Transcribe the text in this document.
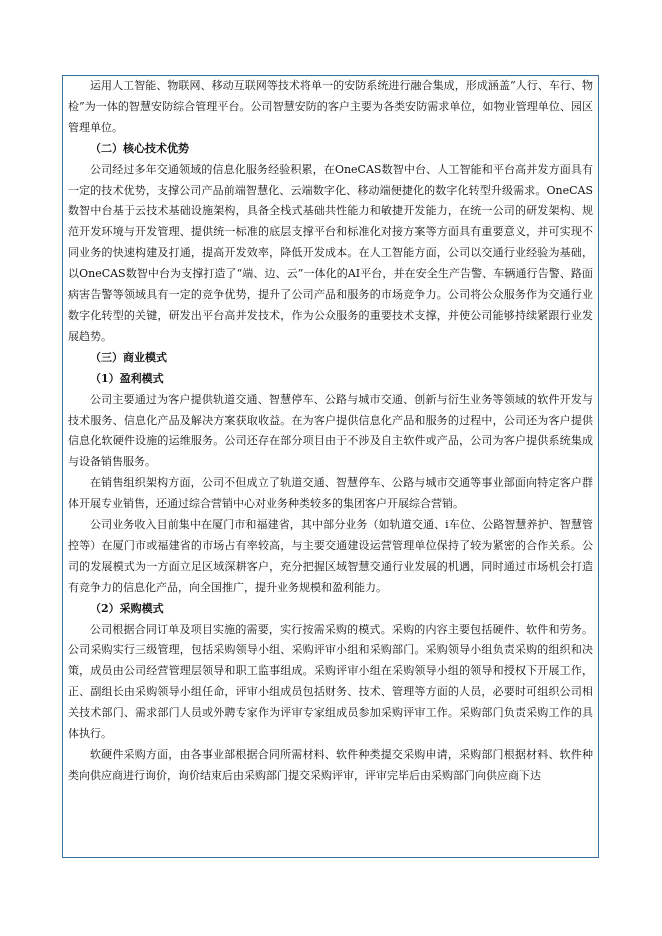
运用人工智能、物联网、移动互联网等技术将单一的安防系统进行融合集成，形成涵盖“人行、车行、物检”为一体的智慧安防综合管理平台。公司智慧安防的客户主要为各类安防需求单位，如物业管理单位、园区管理单位。

（二）核心技术优势

公司经过多年交通领域的信息化服务经验积累，在OneCAS数智中台、人工智能和平台高并发方面具有一定的技术优势，支撑公司产品前端智慧化、云端数字化、移动端便捷化的数字化转型升级需求。OneCAS数智中台基于云技术基础设施架构，具备全栈式基础共性能力和敏捷开发能力，在统一公司的研发架构、规范开发环境与开发管理、提供统一标准的底层支撑平台和标准化对接方案等方面具有重要意义，并可实现不同业务的快速构建及打通，提高开发效率，降低开发成本。在人工智能方面，公司以交通行业经验为基础，以OneCAS数智中台为支撑打造了“端、边、云”一体化的AI平台，并在安全生产告警、车辆通行告警、路面病害告警等领域具有一定的竞争优势，提升了公司产品和服务的市场竞争力。公司将公众服务作为交通行业数字化转型的关键，研发出平台高并发技术，作为公众服务的重要技术支撑，并使公司能够持续紧跟行业发展趋势。

（三）商业模式
（1）盈利模式

公司主要通过为客户提供轨道交通、智慧停车、公路与城市交通、创新与衍生业务等领域的软件开发与技术服务、信息化产品及解决方案获取收益。在为客户提供信息化产品和服务的过程中，公司还为客户提供信息化软硬件设施的运维服务。公司还存在部分项目由于不涉及自主软件或产品，公司为客户提供系统集成与设备销售服务。

在销售组织架构方面，公司不但成立了轨道交通、智慧停车、公路与城市交通等事业部面向特定客户群体开展专业销售，还通过综合营销中心对业务种类较多的集团客户开展综合营销。

公司业务收入目前集中在厦门市和福建省，其中部分业务（如轨道交通、i车位、公路智慧养护、智慧管控等）在厦门市或福建省的市场占有率较高，与主要交通建设运营管理单位保持了较为紧密的合作关系。公司的发展模式为一方面立足区域深耕客户，充分把握区域智慧交通行业发展的机遇，同时通过市场机会打造有竞争力的信息化产品，向全国推广，提升业务规模和盈利能力。

（2）采购模式

公司根据合同订单及项目实施的需要，实行按需采购的模式。采购的内容主要包括硬件、软件和劳务。公司采购实行三级管理，包括采购领导小组、采购评审小组和采购部门。采购领导小组负责采购的组织和决策，成员由公司经营管理层领导和职工监事组成。采购评审小组在采购领导小组的领导和授权下开展工作，正、副组长由采购领导小组任命，评审小组成员包括财务、技术、管理等方面的人员，必要时可组织公司相关技术部门、需求部门人员或外聘专家作为评审专家组成员参加采购评审工作。采购部门负责采购工作的具体执行。

软硬件采购方面，由各事业部根据合同所需材料、软件种类提交采购申请，采购部门根据材料、软件种类向供应商进行询价，询价结束后由采购部门提交采购评审，评审完毕后由采购部门向供应商下达
